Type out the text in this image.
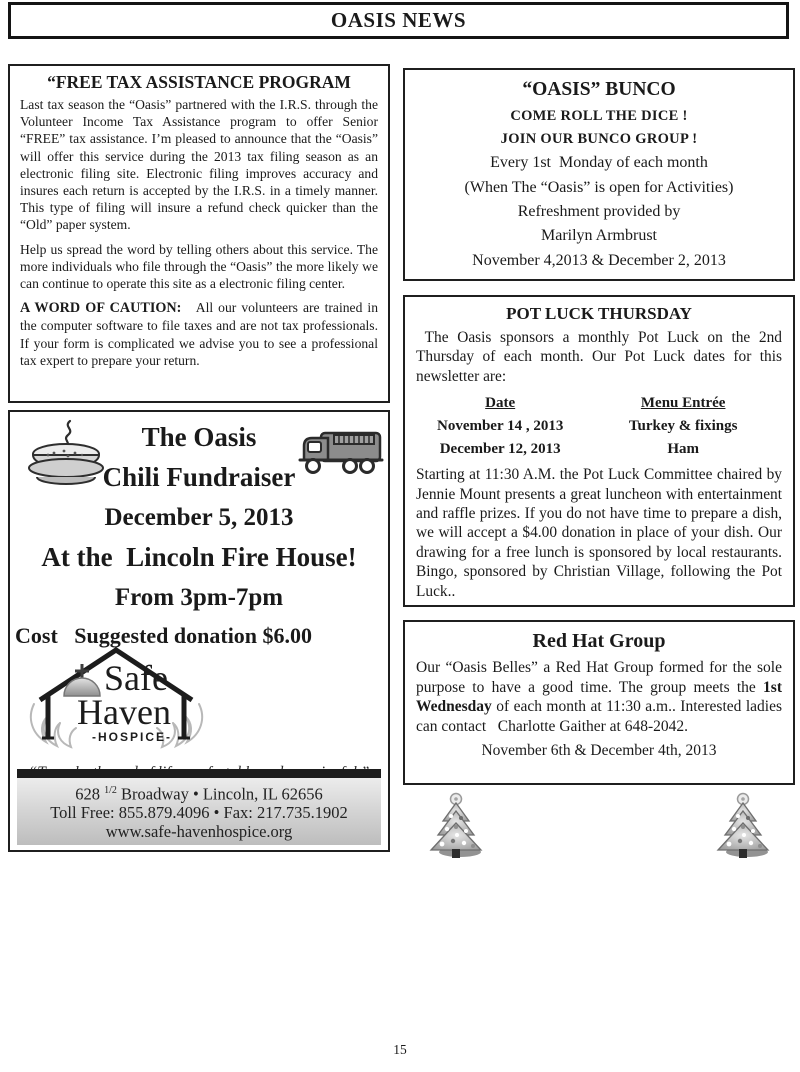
OASIS NEWS
“FREE TAX ASSISTANCE PROGRAM

Last tax season the “Oasis” partnered with the I.R.S. through the Volunteer Income Tax Assistance program to offer Senior “FREE” tax assistance. I’m pleased to announce that the “Oasis” will offer this service during the 2013 tax filing season as an electronic filing site. Electronic filing improves accuracy and insures each return is accepted by the I.R.S. in a timely manner. This type of filing will insure a refund check quicker than the “Old” paper system.

Help us spread the word by telling others about this service. The more individuals who file through the “Oasis” the more likely we can continue to operate this site as a electronic filing center.

A WORD OF CAUTION:   All our volunteers are trained in the computer software to file taxes and are not tax professionals. If your form is complicated we advise you to see a professional tax expert to prepare your return.

The Oasis
Chili Fundraiser
December 5, 2013
At the  Lincoln Fire House!
From 3pm-7pm
Cost   Suggested donation $6.00
Safe
Haven
-HOSPICE-
628 $^{1/2}$ Broadway • Lincoln, IL 62656
Toll Free: 855.879.4096 • Fax: 217.735.1902
www.safe-havenhospice.org
“OASIS” BUNCO
COME ROLL THE DICE !
JOIN OUR BUNCO GROUP !
Every 1st  Monday of each month
(When The “Oasis” is open for Activities)
Refreshment provided by
Marilyn Armbrust
November 4,2013 & December 2, 2013
POT LUCK THURSDAY

The Oasis sponsors a monthly Pot Luck on the 2nd Thursday of each month. Our Pot Luck dates for this newsletter are:

Date	Menu Entrée
November 14 , 2013	Turkey & fixings
December 12, 2013	Ham

Starting at 11:30 A.M. the Pot Luck Committee chaired by Jennie Mount presents a great luncheon with entertainment and raffle prizes. If you do not have time to prepare a dish, we will accept a $4.00 donation in place of your dish. Our drawing for a free lunch is sponsored by local restaurants. Bingo, sponsored by Christian Village, following the Pot Luck..

Red Hat Group

Our “Oasis Belles” a Red Hat Group formed for the sole purpose to have a good time. The group meets the 1st Wednesday of each month at 11:30 a.m.. Interested ladies can contact   Charlotte Gaither at 648-2042.

November 6th & December 4th, 2013
15
